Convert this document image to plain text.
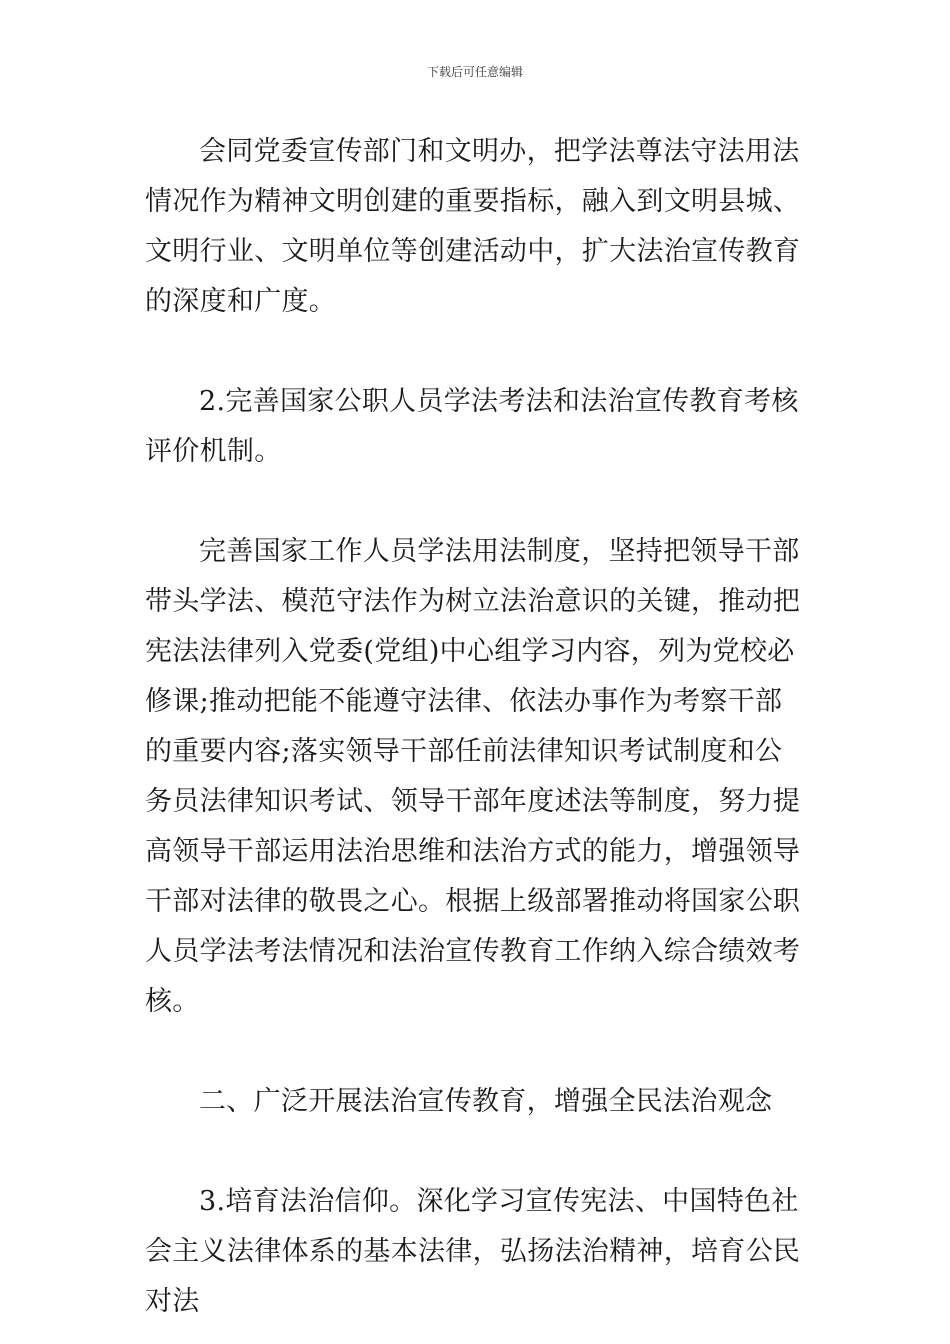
下载后可任意编辑

会同党委宣传部门和文明办，把学法尊法守法用法情况作为精神文明创建的重要指标，融入到文明县城、文明行业、文明单位等创建活动中，扩大法治宣传教育的深度和广度。

2.完善国家公职人员学法考法和法治宣传教育考核评价机制。

完善国家工作人员学法用法制度，坚持把领导干部带头学法、模范守法作为树立法治意识的关键，推动把宪法法律列入党委(党组)中心组学习内容，列为党校必修课;推动把能不能遵守法律、依法办事作为考察干部的重要内容;落实领导干部任前法律知识考试制度和公务员法律知识考试、领导干部年度述法等制度，努力提高领导干部运用法治思维和法治方式的能力，增强领导干部对法律的敬畏之心。根据上级部署推动将国家公职人员学法考法情况和法治宣传教育工作纳入综合绩效考核。

二、广泛开展法治宣传教育，增强全民法治观念

3.培育法治信仰。深化学习宣传宪法、中国特色社会主义法律体系的基本法律，弘扬法治精神，培育公民对法
